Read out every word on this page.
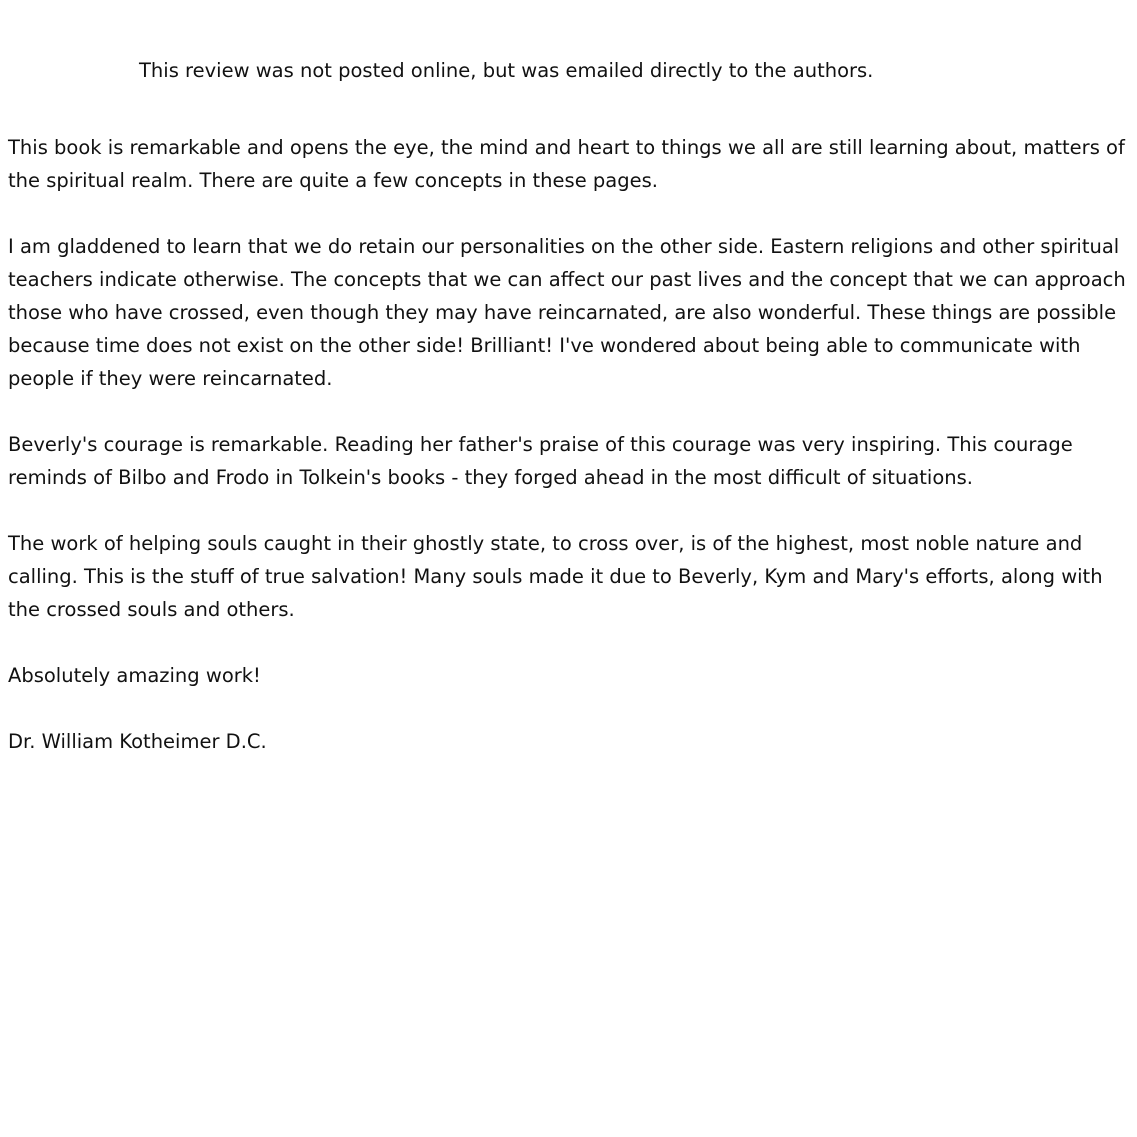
This review was not posted online, but was emailed directly to the authors.

This book is remarkable and opens the eye, the mind and heart to things we all are still learning about, matters of the spiritual realm. There are quite a few concepts in these pages.

I am gladdened to learn that we do retain our personalities on the other side. Eastern religions and other spiritual teachers indicate otherwise. The concepts that we can affect our past lives and the concept that we can approach those who have crossed, even though they may have reincarnated, are also wonderful. These things are possible because time does not exist on the other side! Brilliant! I've wondered about being able to communicate with people if they were reincarnated.

Beverly's courage is remarkable. Reading her father's praise of this courage was very inspiring. This courage reminds of Bilbo and Frodo in Tolkein's books - they forged ahead in the most difficult of situations.

The work of helping souls caught in their ghostly state, to cross over, is of the highest, most noble nature and calling. This is the stuff of true salvation! Many souls made it due to Beverly, Kym and Mary's efforts, along with the crossed souls and others.

Absolutely amazing work!

Dr. William Kotheimer D.C.
